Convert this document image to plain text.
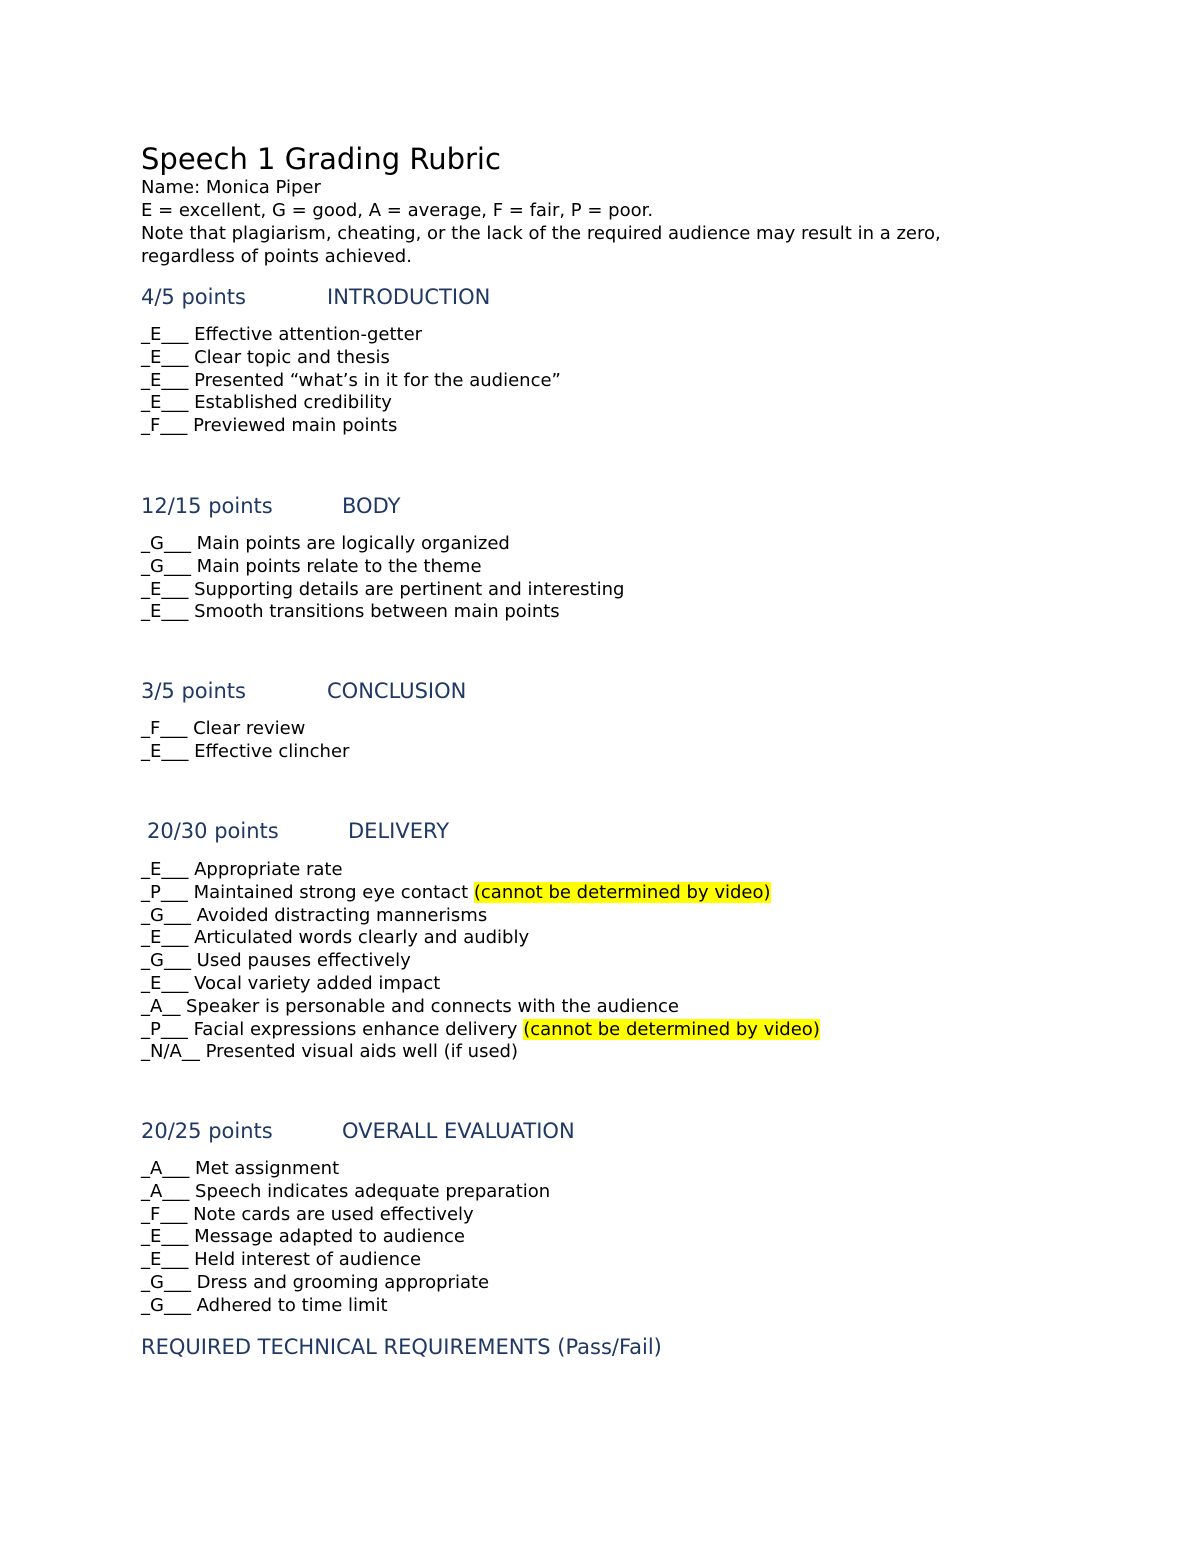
Speech 1 Grading Rubric
Name: Monica Piper
E = excellent, G = good, A = average, F = fair, P = poor.
Note that plagiarism, cheating, or the lack of the required audience may result in a zero,
regardless of points achieved.
4/5 points	INTRODUCTION
_E___ Effective attention-getter
_E___ Clear topic and thesis
_E___ Presented “what’s in it for the audience”
_E___ Established credibility
_F___ Previewed main points
12/15 points	BODY
_G___ Main points are logically organized
_G___ Main points relate to the theme
_E___ Supporting details are pertinent and interesting
_E___ Smooth transitions between main points
3/5 points	CONCLUSION
_F___ Clear review
_E___ Effective clincher
20/30 points	DELIVERY
_E___ Appropriate rate
_P___ Maintained strong eye contact (cannot be determined by video)
_G___ Avoided distracting mannerisms
_E___ Articulated words clearly and audibly
_G___ Used pauses effectively
_E___ Vocal variety added impact
_A__ Speaker is personable and connects with the audience
_P___ Facial expressions enhance delivery (cannot be determined by video)
_N/A__ Presented visual aids well (if used)
20/25 points	OVERALL EVALUATION
_A___ Met assignment
_A___ Speech indicates adequate preparation
_F___ Note cards are used effectively
_E___ Message adapted to audience
_E___ Held interest of audience
_G___ Dress and grooming appropriate
_G___ Adhered to time limit
REQUIRED TECHNICAL REQUIREMENTS (Pass/Fail)
